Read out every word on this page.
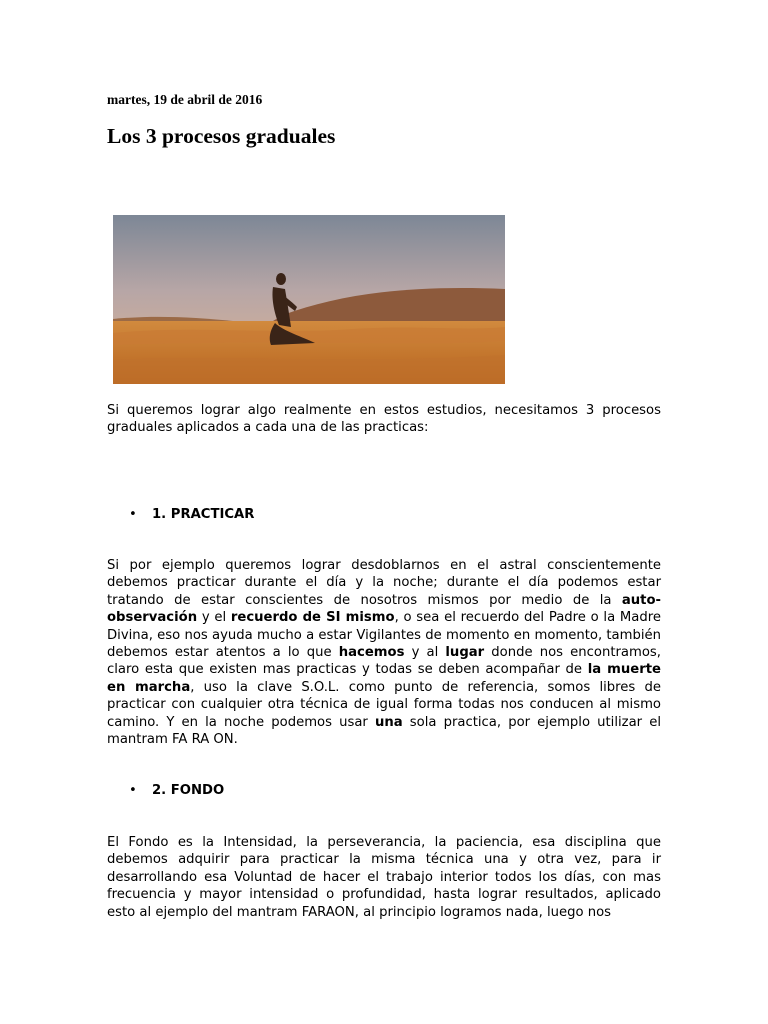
martes, 19 de abril de 2016
Los 3 procesos graduales

Si queremos lograr algo realmente en estos estudios, necesitamos 3 procesos graduales aplicados a cada una de las practicas:

• 1. PRACTICAR

Si por ejemplo queremos lograr desdoblarnos en el astral conscientemente debemos practicar durante el día y la noche; durante el día podemos estar tratando de estar conscientes de nosotros mismos por medio de la auto-observación y el recuerdo de SI mismo, o sea el recuerdo del Padre o la Madre Divina, eso nos ayuda mucho a estar Vigilantes de momento en momento, también debemos estar atentos a lo que hacemos y al lugar donde nos encontramos, claro esta que existen mas practicas y todas se deben acompañar de la muerte en marcha, uso la clave S.O.L. como punto de referencia, somos libres de practicar con cualquier otra técnica de igual forma todas nos conducen al mismo camino. Y en la noche podemos usar una sola practica, por ejemplo utilizar el mantram FA RA ON.

• 2. FONDO

El Fondo es la Intensidad, la perseverancia, la paciencia, esa disciplina que debemos adquirir para practicar la misma técnica una y otra vez, para ir desarrollando esa Voluntad de hacer el trabajo interior todos los días, con mas frecuencia y mayor intensidad o profundidad, hasta lograr resultados, aplicado esto al ejemplo del mantram FARAON, al principio logramos nada, luego nos
